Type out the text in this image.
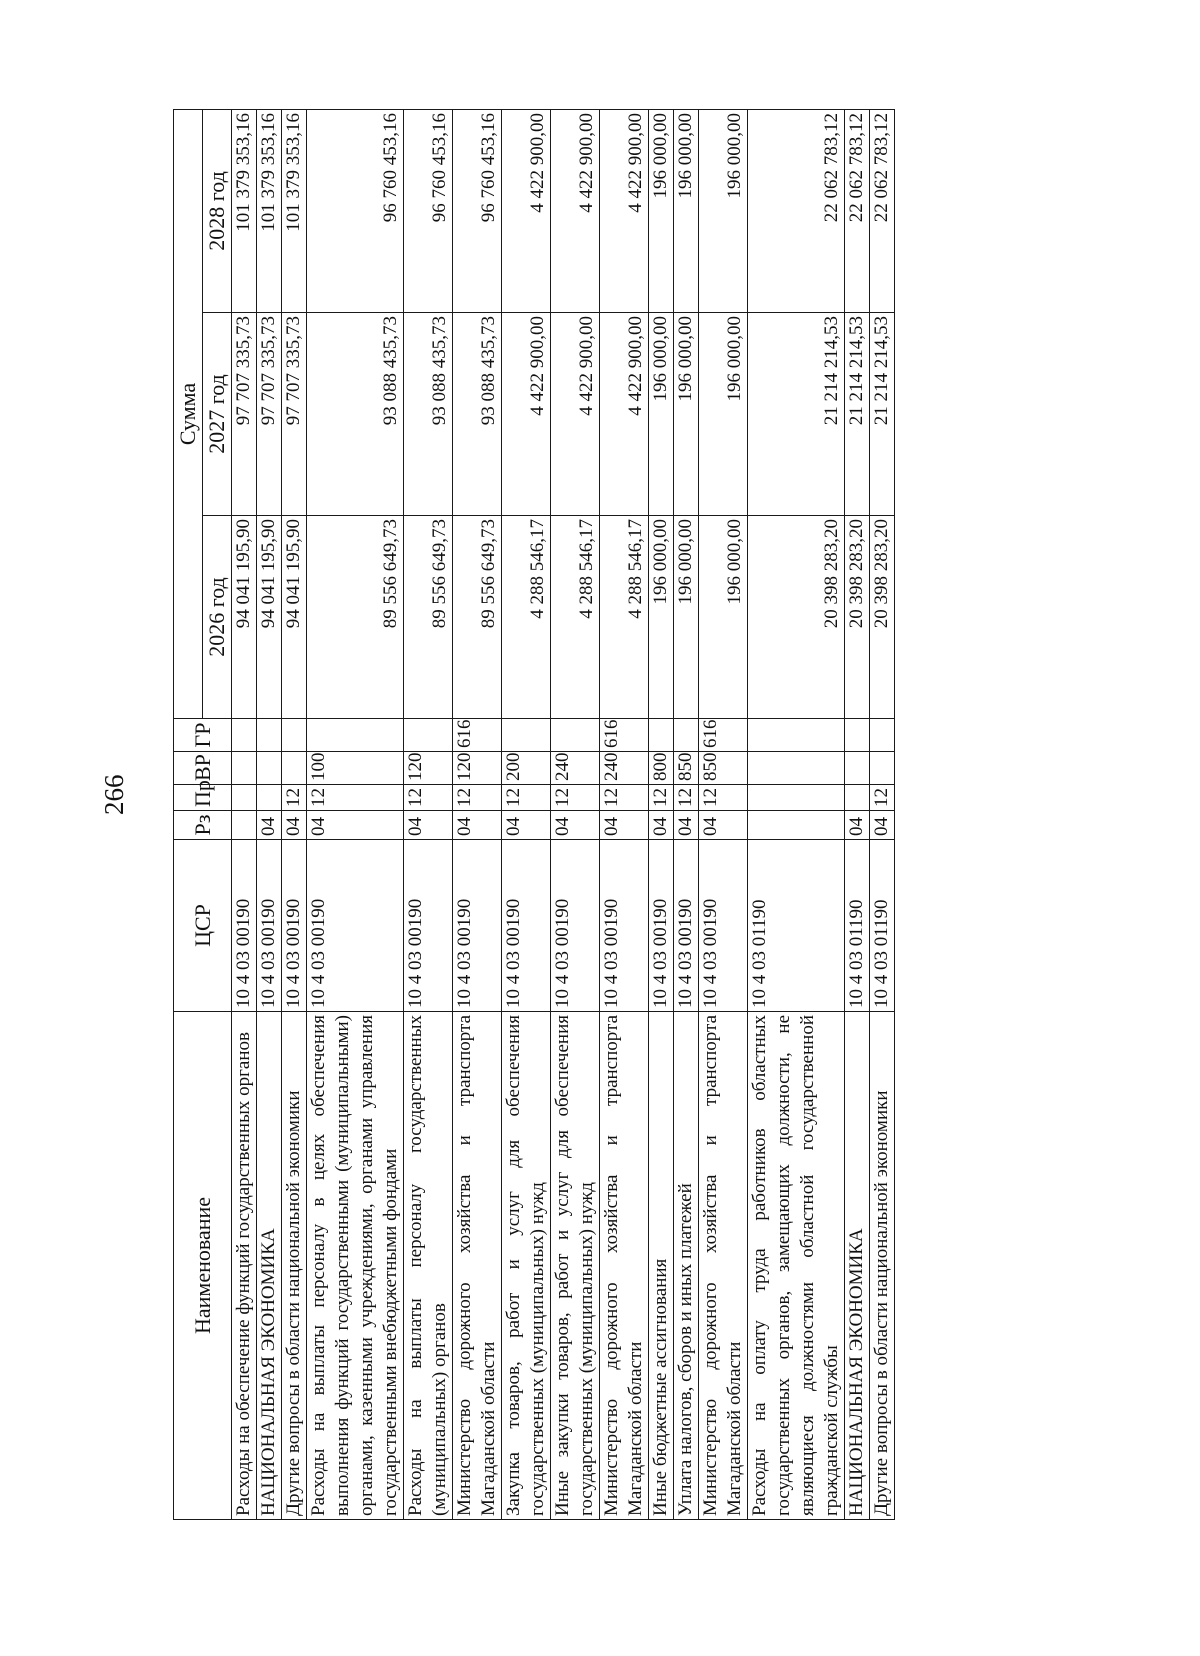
266
Наименование	ЦСР	Рз	Пр	ВР	ГР	Сумма		
						2026 год	2027 год	2028 год
Расходы на обеспечение функций государственных органов	10 4 03 00190					94 041 195,90	97 707 335,73	101 379 353,16
НАЦИОНАЛЬНАЯ ЭКОНОМИКА	10 4 03 00190	04				94 041 195,90	97 707 335,73	101 379 353,16
Другие вопросы в области национальной экономики	10 4 03 00190	04	12			94 041 195,90	97 707 335,73	101 379 353,16
Расходы на выплаты персоналу в целях обеспечения выполнения функций государственными (муниципальными) органами, казенными учреждениями, органами управления государственными внебюджетными фондами	10 4 03 00190	04	12	100		89 556 649,73	93 088 435,73	96 760 453,16
Расходы на выплаты персоналу государственных (муниципальных) органов	10 4 03 00190	04	12	120		89 556 649,73	93 088 435,73	96 760 453,16
Министерство дорожного хозяйства и транспорта Магаданской области	10 4 03 00190	04	12	120	616	89 556 649,73	93 088 435,73	96 760 453,16
Закупка товаров, работ и услуг для обеспечения государственных (муниципальных) нужд	10 4 03 00190	04	12	200		4 288 546,17	4 422 900,00	4 422 900,00
Иные закупки товаров, работ и услуг для обеспечения государственных (муниципальных) нужд	10 4 03 00190	04	12	240		4 288 546,17	4 422 900,00	4 422 900,00
Министерство дорожного хозяйства и транспорта Магаданской области	10 4 03 00190	04	12	240	616	4 288 546,17	4 422 900,00	4 422 900,00
Иные бюджетные ассигнования	10 4 03 00190	04	12	800		196 000,00	196 000,00	196 000,00
Уплата налогов, сборов и иных платежей	10 4 03 00190	04	12	850		196 000,00	196 000,00	196 000,00
Министерство дорожного хозяйства и транспорта Магаданской области	10 4 03 00190	04	12	850	616	196 000,00	196 000,00	196 000,00
Расходы на оплату труда работников областных государственных органов, замещающих должности, не являющиеся должностями областной государственной гражданской службы	10 4 03 01190					20 398 283,20	21 214 214,53	22 062 783,12
НАЦИОНАЛЬНАЯ ЭКОНОМИКА	10 4 03 01190	04				20 398 283,20	21 214 214,53	22 062 783,12
Другие вопросы в области национальной экономики	10 4 03 01190	04	12			20 398 283,20	21 214 214,53	22 062 783,12
